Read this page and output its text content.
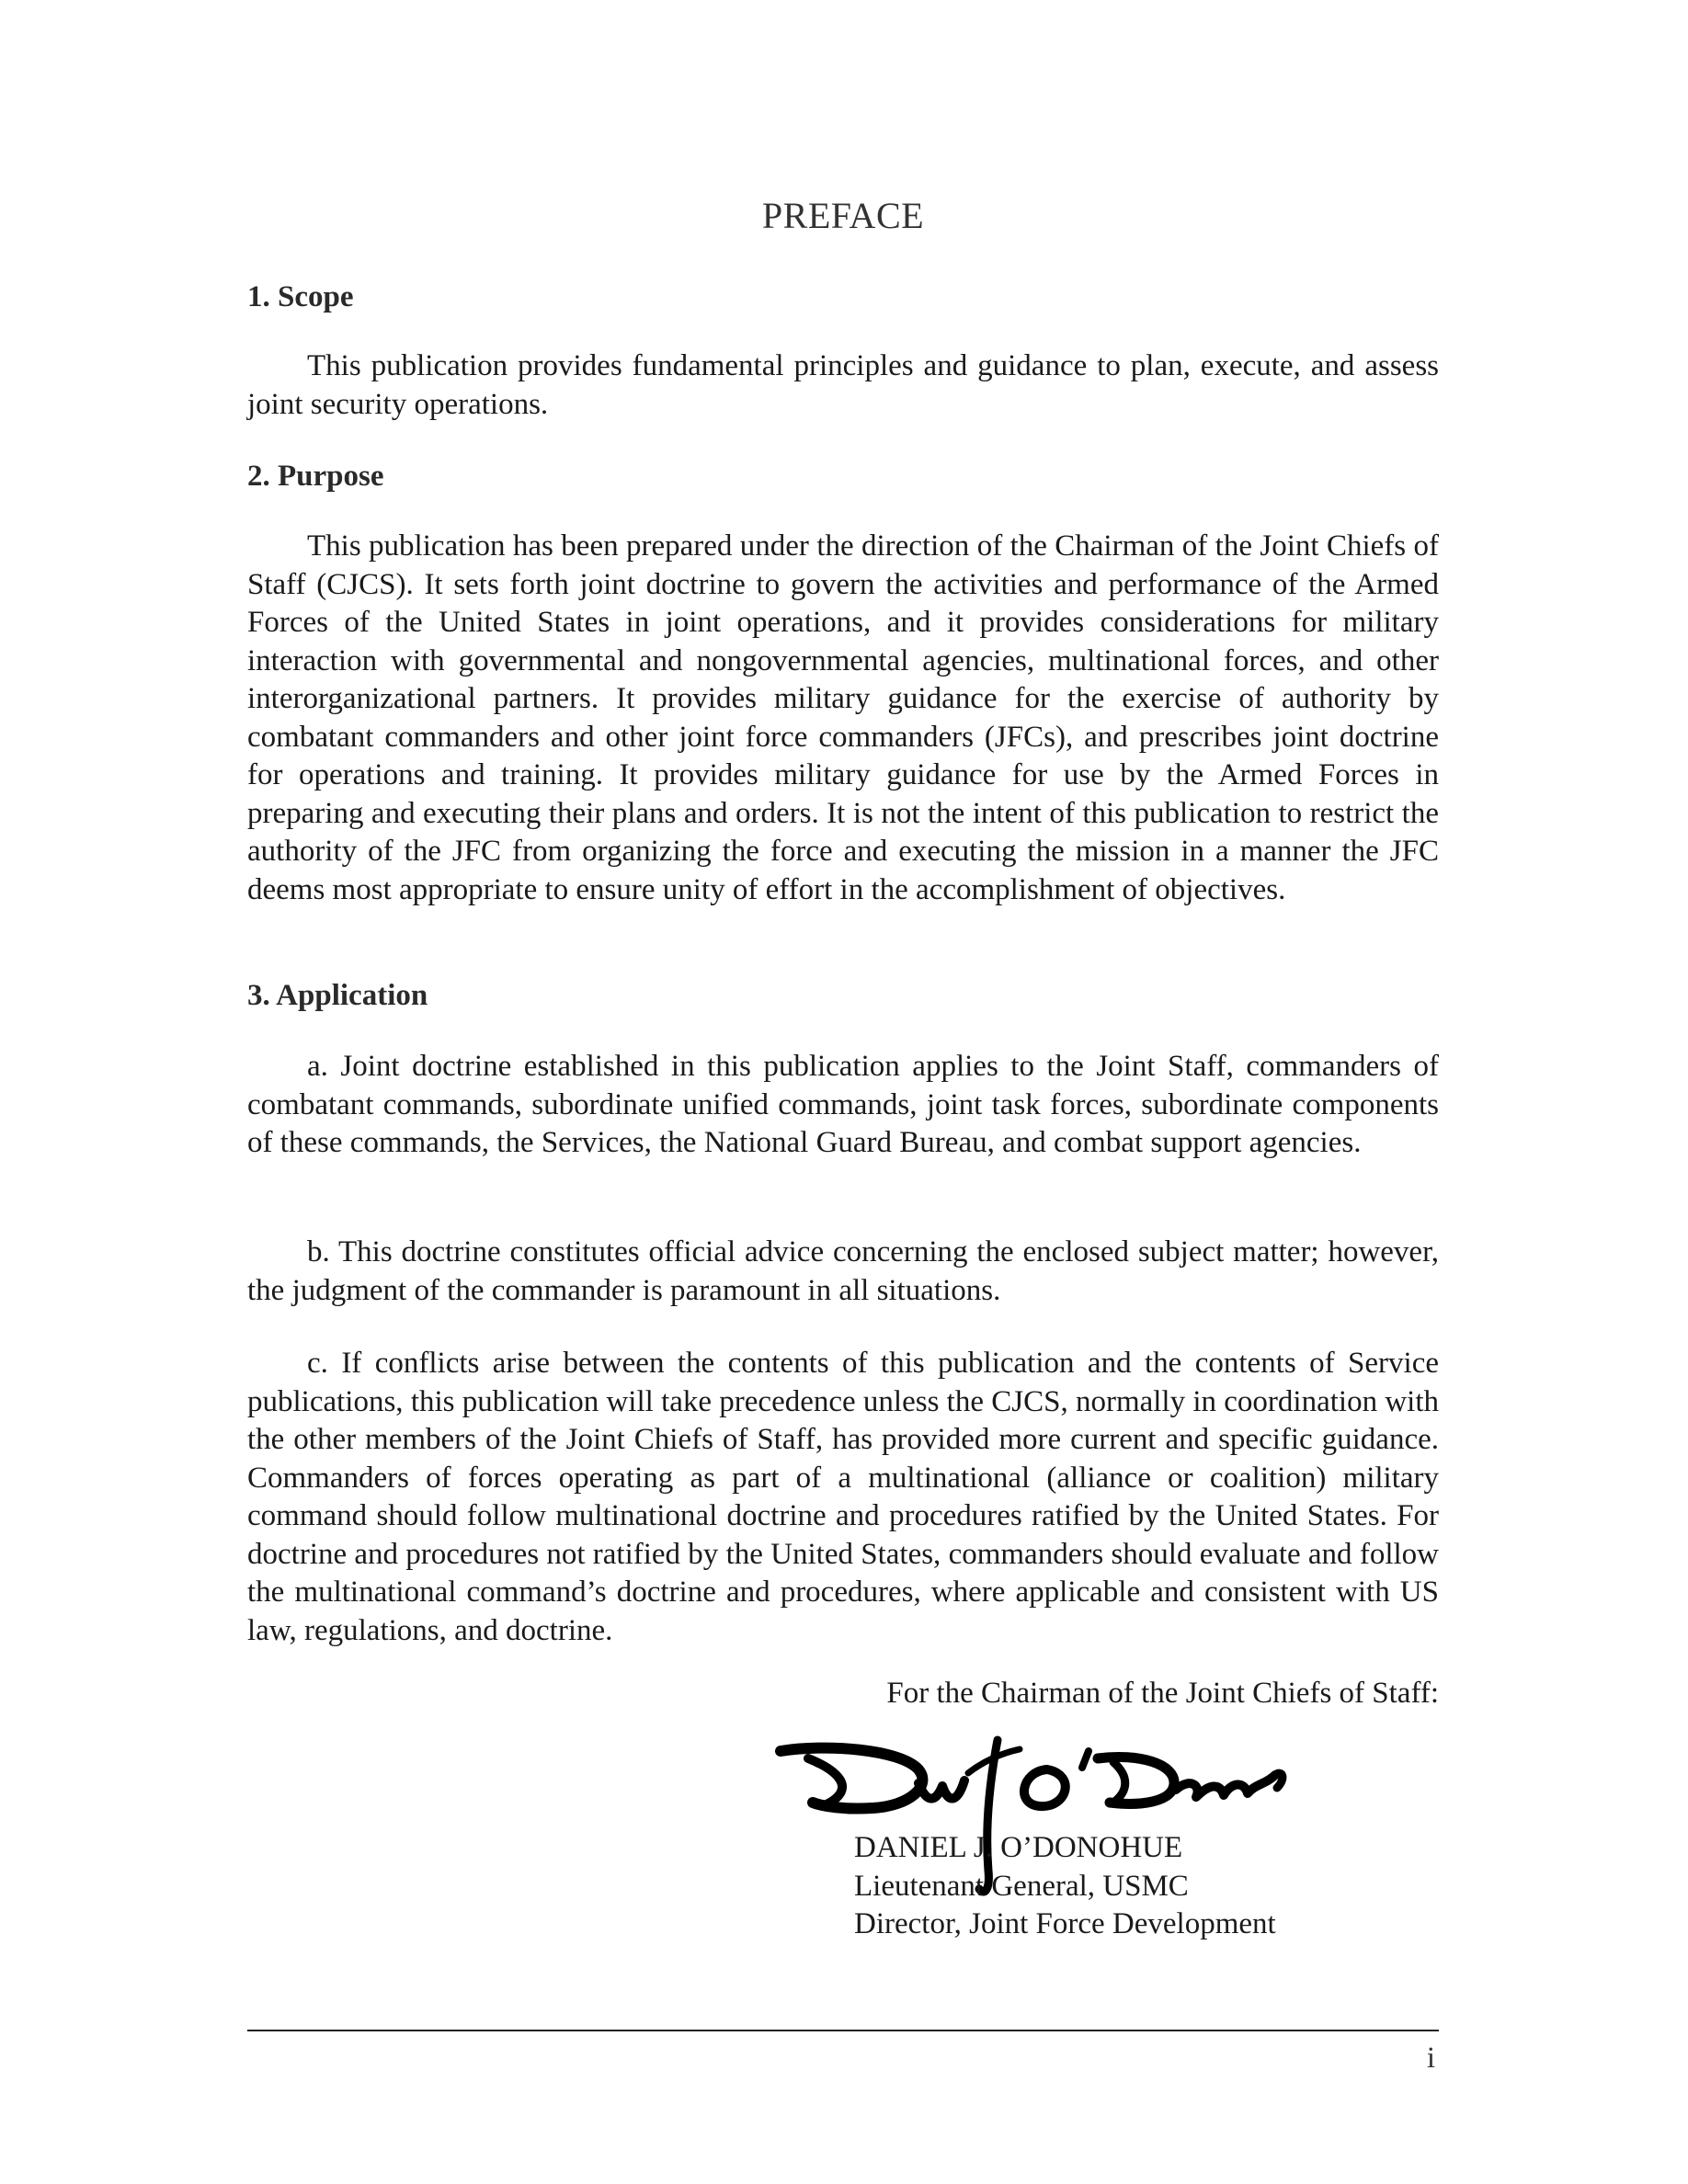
PREFACE
1. Scope

This publication provides fundamental principles and guidance to plan, execute, and assess joint security operations.

2. Purpose

This publication has been prepared under the direction of the Chairman of the Joint Chiefs of Staff (CJCS). It sets forth joint doctrine to govern the activities and performance of the Armed Forces of the United States in joint operations, and it provides considerations for military interaction with governmental and nongovernmental agencies, multinational forces, and other interorganizational partners. It provides military guidance for the exercise of authority by combatant commanders and other joint force commanders (JFCs), and prescribes joint doctrine for operations and training. It provides military guidance for use by the Armed Forces in preparing and executing their plans and orders. It is not the intent of this publication to restrict the authority of the JFC from organizing the force and executing the mission in a manner the JFC deems most appropriate to ensure unity of effort in the accomplishment of objectives.

3. Application

a. Joint doctrine established in this publication applies to the Joint Staff, commanders of combatant commands, subordinate unified commands, joint task forces, subordinate components of these commands, the Services, the National Guard Bureau, and combat support agencies.

b. This doctrine constitutes official advice concerning the enclosed subject matter; however, the judgment of the commander is paramount in all situations.

c. If conflicts arise between the contents of this publication and the contents of Service publications, this publication will take precedence unless the CJCS, normally in coordination with the other members of the Joint Chiefs of Staff, has provided more current and specific guidance. Commanders of forces operating as part of a multinational (alliance or coalition) military command should follow multinational doctrine and procedures ratified by the United States. For doctrine and procedures not ratified by the United States, commanders should evaluate and follow the multinational command’s doctrine and procedures, where applicable and consistent with US law, regulations, and doctrine.

For the Chairman of the Joint Chiefs of Staff:
DANIEL J. O’DONOHUE
Lieutenant General, USMC
Director, Joint Force Development
i
